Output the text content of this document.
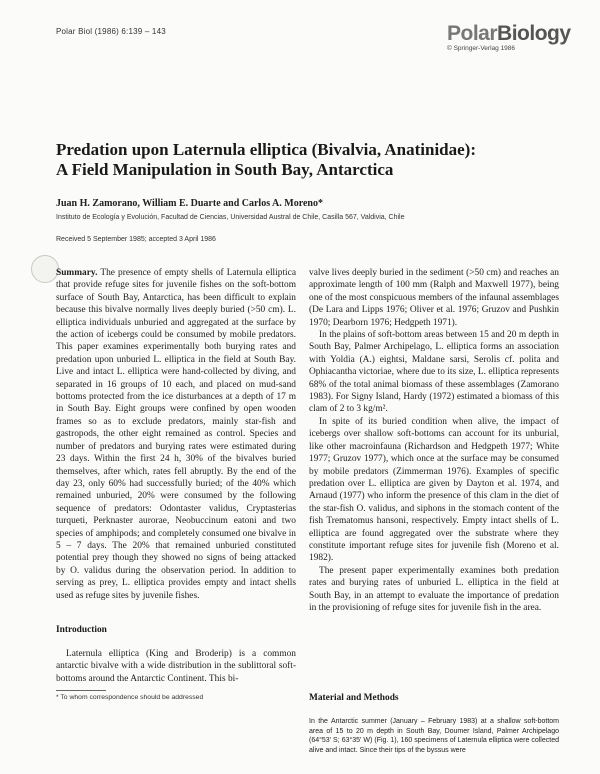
Polar Biol (1986) 6:139 – 143	PolarBiology
© Springer-Verlag 1986
Predation upon Laternula elliptica (Bivalvia, Anatinidae):
A Field Manipulation in South Bay, Antarctica
Juan H. Zamorano, William E. Duarte and Carlos A. Moreno*
Instituto de Ecología y Evolución, Facultad de Ciencias, Universidad Austral de Chile, Casilla 567, Valdivia, Chile
Received 5 September 1985; accepted 3 April 1986

Summary. The presence of empty shells of Laternula elliptica that provide refuge sites for juvenile fishes on the soft-bottom surface of South Bay, Antarctica, has been difficult to explain because this bivalve normally lives deeply buried (>50 cm). L. elliptica individuals unburied and aggregated at the surface by the action of icebergs could be consumed by mobile predators. This paper examines experimentally both burying rates and predation upon unburied L. elliptica in the field at South Bay. Live and intact L. elliptica were hand-collected by diving, and separated in 16 groups of 10 each, and placed on mud-sand bottoms protected from the ice disturbances at a depth of 17 m in South Bay. Eight groups were confined by open wooden frames so as to exclude predators, mainly star-fish and gastropods, the other eight remained as control. Species and number of predators and burying rates were estimated during 23 days. Within the first 24 h, 30% of the bivalves buried themselves, after which, rates fell abruptly. By the end of the day 23, only 60% had successfully buried; of the 40% which remained unburied, 20% were consumed by the following sequence of predators: Odontaster validus, Cryptasterias turqueti, Perknaster aurorae, Neobuccinum eatoni and two species of amphipods; and completely consumed one bivalve in 5 – 7 days. The 20% that remained unburied constituted potential prey though they showed no signs of being attacked by O. validus during the observation period. In addition to serving as prey, L. elliptica provides empty and intact shells used as refuge sites by juvenile fishes.

Introduction

Laternula elliptica (King and Broderip) is a common antarctic bivalve with a wide distribution in the sublittoral soft-bottoms around the Antarctic Continent. This bi-

* To whom correspondence should be addressed

valve lives deeply buried in the sediment (>50 cm) and reaches an approximate length of 100 mm (Ralph and Maxwell 1977), being one of the most conspicuous members of the infaunal assemblages (De Lara and Lipps 1976; Oliver et al. 1976; Gruzov and Pushkin 1970; Dearborn 1976; Hedgpeth 1971).

In the plains of soft-bottom areas between 15 and 20 m depth in South Bay, Palmer Archipelago, L. elliptica forms an association with Yoldia (A.) eightsi, Maldane sarsi, Serolis cf. polita and Ophiacantha victoriae, where due to its size, L. elliptica represents 68% of the total animal biomass of these assemblages (Zamorano 1983). For Signy Island, Hardy (1972) estimated a biomass of this clam of 2 to 3 kg/m².

In spite of its buried condition when alive, the impact of icebergs over shallow soft-bottoms can account for its unburial, like other macroinfauna (Richardson and Hedgpeth 1977; White 1977; Gruzov 1977), which once at the surface may be consumed by mobile predators (Zimmerman 1976). Examples of specific predation over L. elliptica are given by Dayton et al. 1974, and Arnaud (1977) who inform the presence of this clam in the diet of the star-fish O. validus, and siphons in the stomach content of the fish Trematomus hansoni, respectively. Empty intact shells of L. elliptica are found aggregated over the substrate where they constitute important refuge sites for juvenile fish (Moreno et al. 1982).

The present paper experimentally examines both predation rates and burying rates of unburied L. elliptica in the field at South Bay, in an attempt to evaluate the importance of predation in the provisioning of refuge sites for juvenile fish in the area.

Material and Methods

In the Antarctic summer (January – February 1983) at a shallow soft-bottom area of 15 to 20 m depth in South Bay, Doumer Island, Palmer Archipelago (64°53' S; 63°35' W) (Fig. 1), 160 specimens of Laternula elliptica were collected alive and intact. Since their tips of the byssus were
